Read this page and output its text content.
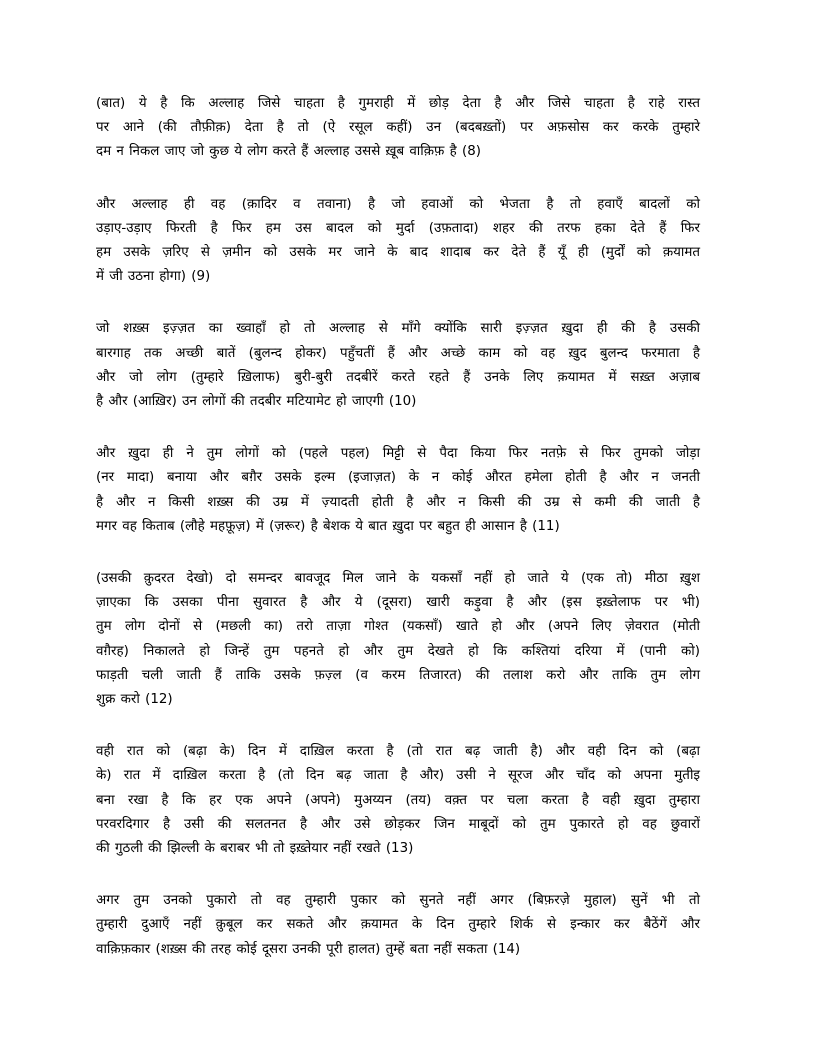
(बात) ये है कि अल्लाह जिसे चाहता है गुमराही में छोड़ देता है और जिसे चाहता है राहे रास्त
पर आने (की तौफ़ीक़) देता है तो (ऐ रसूल कहीं) उन (बदबख़्तों) पर अफ़सोस कर करके तुम्हारे
दम न निकल जाए जो कुछ ये लोग करते हैं अल्लाह उससे ख़ूब वाक़िफ़ है (8)
और अल्लाह ही वह (क़ादिर व तवाना) है जो हवाओं को भेजता है तो हवाएँ बादलों को
उड़ाए-उड़ाए फिरती है फिर हम उस बादल को मुर्दा (उफ़तादा) शहर की तरफ हका देते हैं फिर
हम उसके ज़रिए से ज़मीन को उसके मर जाने के बाद शादाब कर देते हैं यूँ ही (मुर्दों को क़यामत
में जी उठना होगा) (9)
जो शख़्स इज़्ज़त का ख्वाहाँ हो तो अल्लाह से माँगे क्योंकि सारी इज़्ज़त ख़ुदा ही की है उसकी
बारगाह तक अच्छी बातें (बुलन्द होकर) पहुँचतीं हैं और अच्छे काम को वह ख़ुद बुलन्द फरमाता है
और जो लोग (तुम्हारे ख़िलाफ) बुरी-बुरी तदबीरें करते रहते हैं उनके लिए क़यामत में सख़्त अज़ाब
है और (आख़िर) उन लोगों की तदबीर मटियामेट हो जाएगी (10)
और ख़ुदा ही ने तुम लोगों को (पहले पहल) मिट्टी से पैदा किया फिर नतफ़े से फिर तुमको जोड़ा
(नर मादा) बनाया और बग़ैर उसके इल्म (इजाज़त) के न कोई औरत हमेला होती है और न जनती
है और न किसी शख़्स की उम्र में ज़्यादती होती है और न किसी की उम्र से कमी की जाती है
मगर वह किताब (लौहे महफ़ूज़) में (ज़रूर) है बेशक ये बात ख़ुदा पर बहुत ही आसान है (11)
(उसकी क़ुदरत देखो) दो समन्दर बावजूद मिल जाने के यकसाँ नहीं हो जाते ये (एक तो) मीठा ख़ुश
ज़ाएका कि उसका पीना सुवारत है और ये (दूसरा) खारी कड़ुवा है और (इस इख़्तेलाफ पर भी)
तुम लोग दोनों से (मछली का) तरो ताज़ा गोश्त (यकसाँ) खाते हो और (अपने लिए ज़ेवरात (मोती
वग़ैरह) निकालते हो जिन्हें तुम पहनते हो और तुम देखते हो कि कश्तियां दरिया में (पानी को)
फाड़ती चली जाती हैं ताकि उसके फ़ज़्ल (व करम तिजारत) की तलाश करो और ताकि तुम लोग
शुक्र करो (12)
वही रात को (बढ़ा के) दिन में दाख़िल करता है (तो रात बढ़ जाती है) और वही दिन को (बढ़ा
के) रात में दाख़िल करता है (तो दिन बढ़ जाता है और) उसी ने सूरज और चाँद को अपना मुतीइ
बना रखा है कि हर एक अपने (अपने) मुअय्यन (तय) वक़्त पर चला करता है वही ख़ुदा तुम्हारा
परवरदिगार है उसी की सलतनत है और उसे छोड़कर जिन माबूदों को तुम पुकारते हो वह छुवारों
की गुठली की झिल्ली के बराबर भी तो इख़्तेयार नहीं रखते (13)
अगर तुम उनको पुकारो तो वह तुम्हारी पुकार को सुनते नहीं अगर (बिफ़रज़े मुहाल) सुनें भी तो
तुम्हारी दुआएँ नहीं क़ुबूल कर सकते और क़यामत के दिन तुम्हारे शिर्क से इन्कार कर बैठेंगें और
वाक़िफ़कार (शख़्स की तरह कोई दूसरा उनकी पूरी हालत) तुम्हें बता नहीं सकता (14)
